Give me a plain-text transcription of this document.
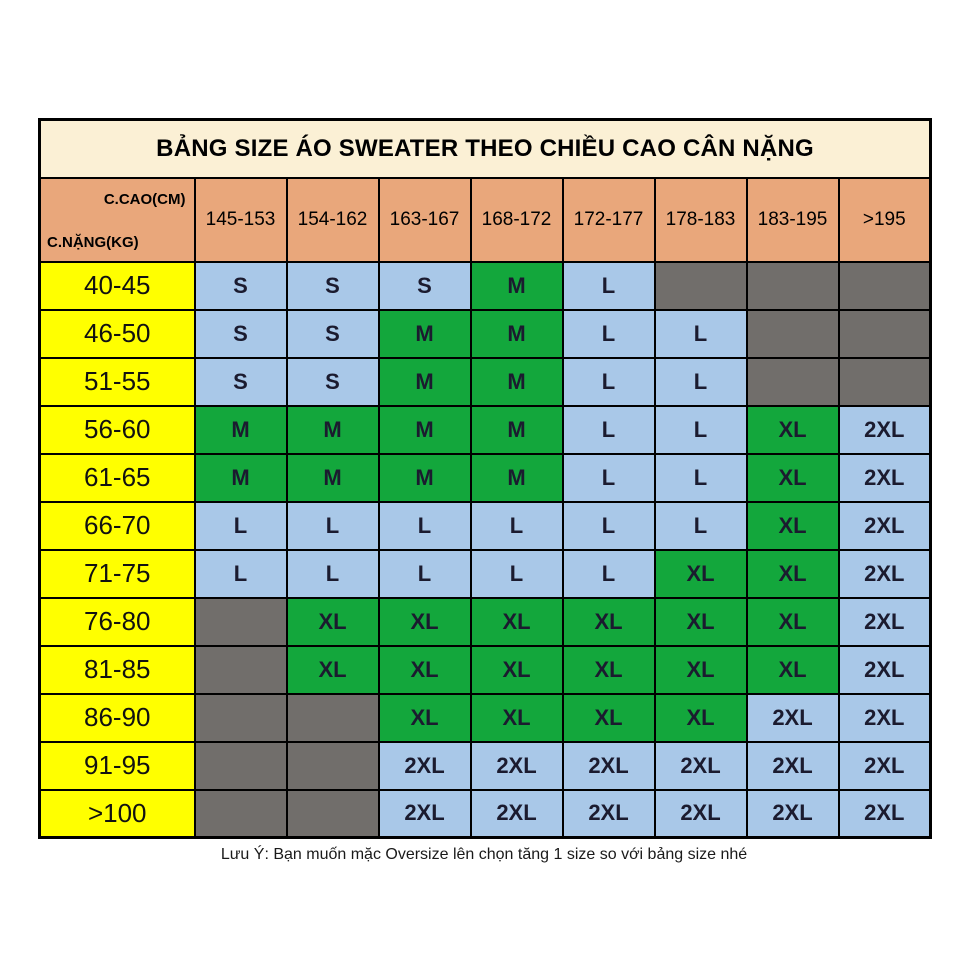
BẢNG SIZE ÁO SWEATER THEO CHIỀU CAO CÂN NẶNG								

C.CAO(CM)
C.NẶNG(KG)	145-153	154-162	163-167	168-172	172-177	178-183	183-195	>195
40-45	S	S	S	M	L			
46-50	S	S	M	M	L	L		
51-55	S	S	M	M	L	L		
56-60	M	M	M	M	L	L	XL	2XL
61-65	M	M	M	M	L	L	XL	2XL
66-70	L	L	L	L	L	L	XL	2XL
71-75	L	L	L	L	L	XL	XL	2XL
76-80		XL	XL	XL	XL	XL	XL	2XL
81-85		XL	XL	XL	XL	XL	XL	2XL
86-90			XL	XL	XL	XL	2XL	2XL
91-95			2XL	2XL	2XL	2XL	2XL	2XL
>100			2XL	2XL	2XL	2XL	2XL	2XL
Lưu Ý: Bạn muốn mặc Oversize lên chọn tăng 1 size so với bảng size nhé
